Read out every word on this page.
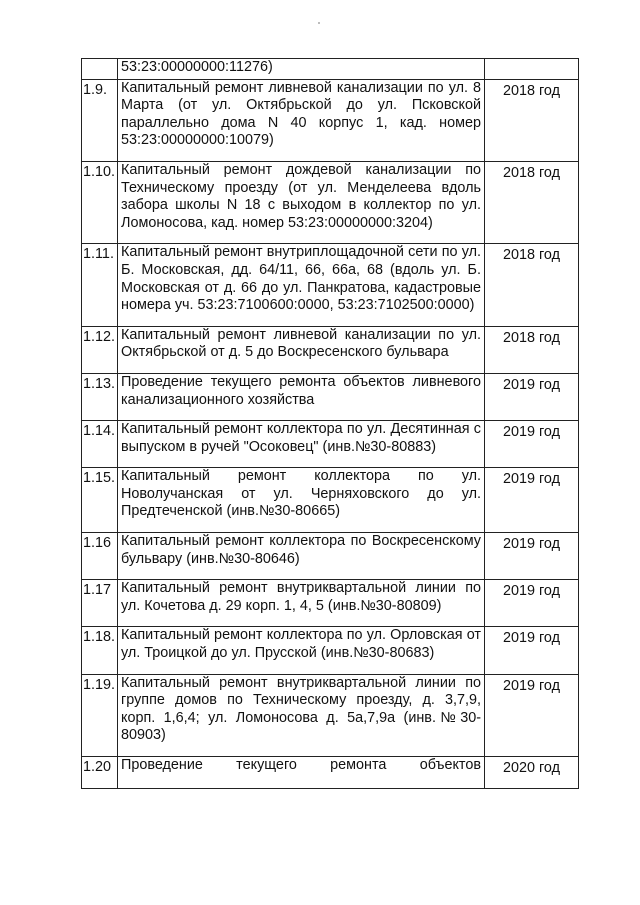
	53:23:00000000:11276)	
1.9.	Капитальный ремонт ливневой канализации по ул. 8 Марта (от ул. Октябрьской до ул. Псковской параллельно дома N 40 корпус 1, кад. номер 53:23:00000000:10079)	2018 год
1.10.	Капитальный ремонт дождевой канализации по Техническому проезду (от ул. Менделеева вдоль забора школы N 18 с выходом в коллектор по ул. Ломоносова, кад. номер 53:23:00000000:3204)	2018 год
1.11.	Капитальный ремонт внутриплощадочной сети по ул. Б. Московская, дд. 64/11, 66, 66а, 68 (вдоль ул. Б. Московская от д. 66 до ул. Панкратова, кадастровые номера уч. 53:23:7100600:0000, 53:23:7102500:0000)	2018 год
1.12.	Капитальный ремонт ливневой канализации по ул. Октябрьской от д. 5 до Воскресенского бульвара	2018 год
1.13.	Проведение текущего ремонта объектов ливневого канализационного хозяйства	2019 год
1.14.	Капитальный ремонт коллектора по ул. Десятинная с выпуском в ручей "Осоковец" (инв.№30-80883)	2019 год
1.15.	Капитальный ремонт коллектора по ул. Новолучанская от ул. Черняховского до ул. Предтеченской (инв.№30-80665)	2019 год
1.16	Капитальный ремонт коллектора по Воскресенскому бульвару (инв.№30-80646)	2019 год
1.17	Капитальный ремонт внутриквартальной линии по ул. Кочетова д. 29 корп. 1, 4, 5 (инв.№30-80809)	2019 год
1.18.	Капитальный ремонт коллектора по ул. Орловская от ул. Троицкой до ул. Прусской (инв.№30-80683)	2019 год
1.19.	Капитальный ремонт внутриквартальной линии по группе домов по Техническому проезду, д. 3,7,9, корп. 1,6,4; ул. Ломоносова д. 5а,7,9а (инв.№30-80903)	2019 год
1.20	Проведение текущего ремонта объектов	2020 год
